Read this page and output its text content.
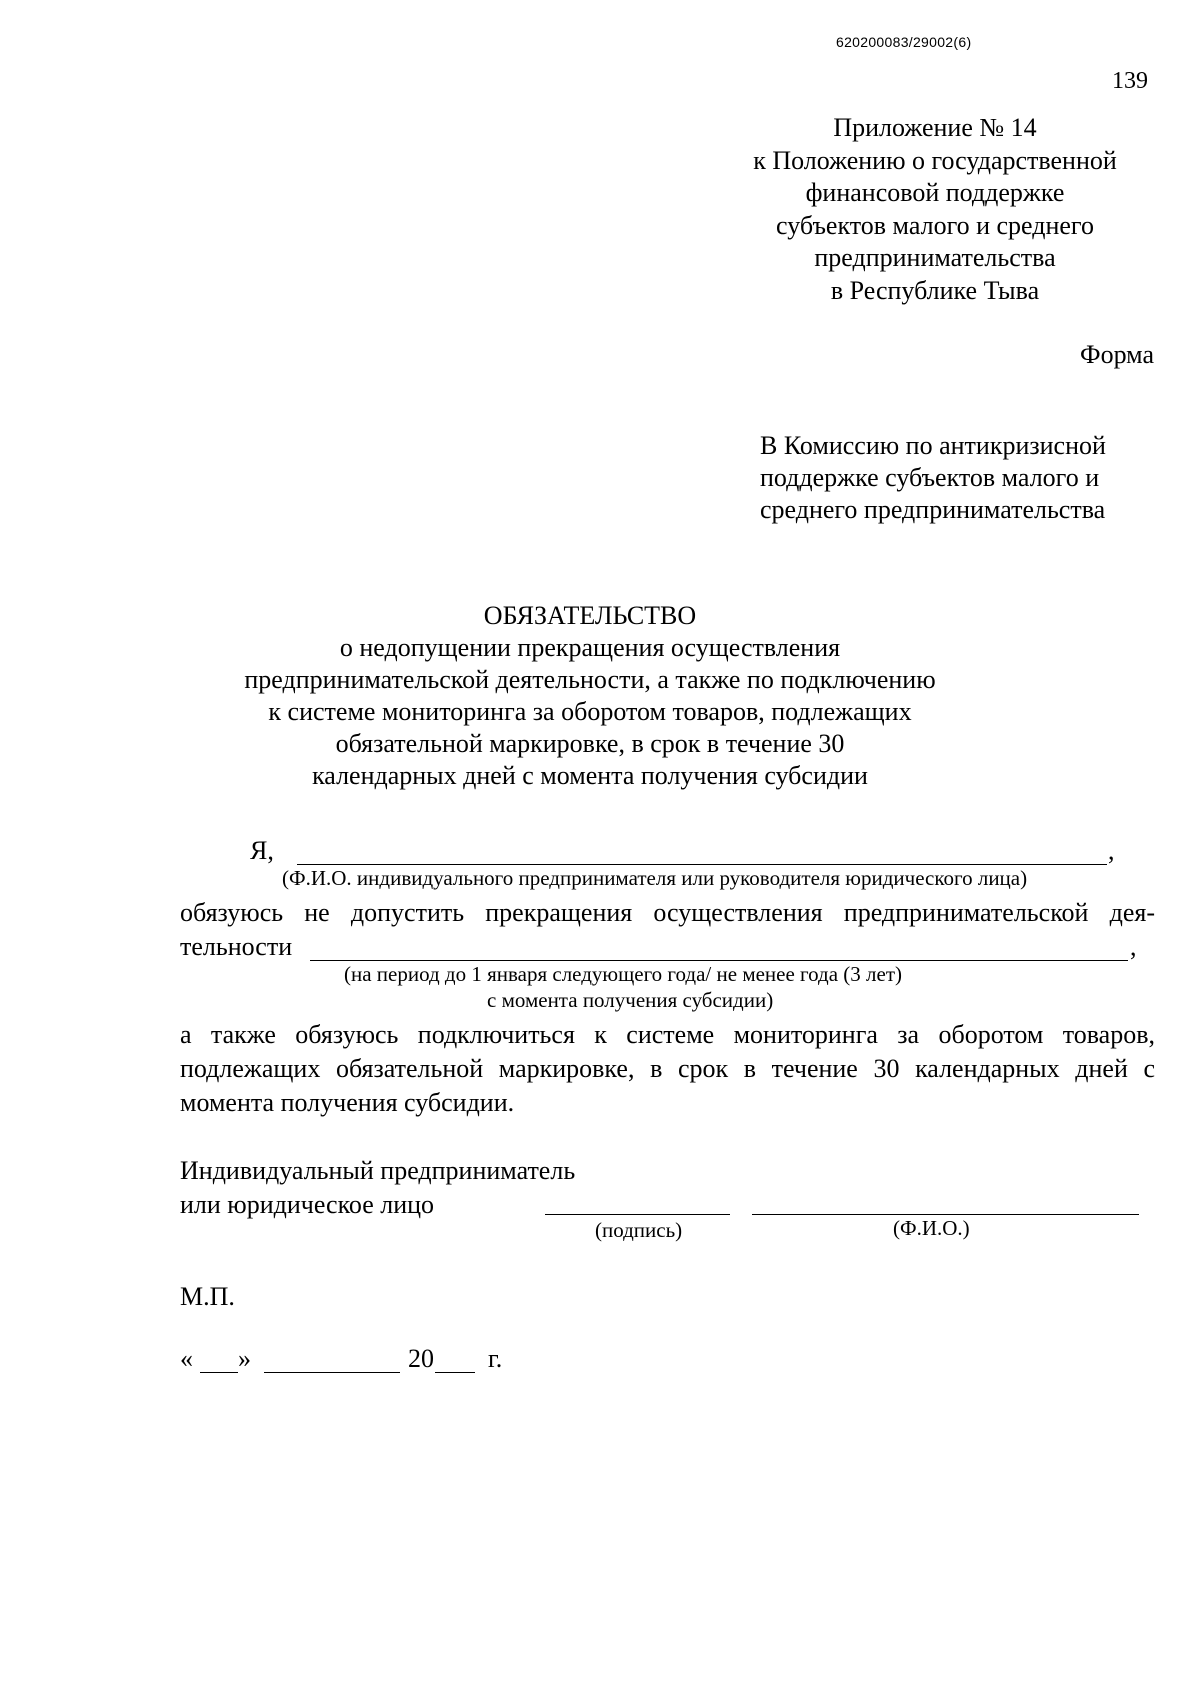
620200083/29002(6)
139
Приложение № 14
к Положению о государственной
финансовой поддержке
субъектов малого и среднего
предпринимательства
в Республике Тыва
Форма
В Комиссию по антикризисной
поддержке субъектов малого и
среднего предпринимательства
ОБЯЗАТЕЛЬСТВО
о недопущении прекращения осуществления
предпринимательской деятельности, а также по подключению
к системе мониторинга за оборотом товаров, подлежащих
обязательной маркировке, в срок в течение 30
календарных дней с момента получения субсидии
Я,	,
(Ф.И.О. индивидуального предпринимателя или руководителя юридического лица)
обязуюсь не допустить прекращения осуществления предпринимательской дея-
тельности	,
(на период до 1 января следующего года/ не менее года (3 лет)
с момента получения субсидии)
а также обязуюсь подключиться к системе мониторинга за оборотом товаров,
подлежащих обязательной маркировке, в срок в течение 30 календарных дней с
момента получения субсидии.
Индивидуальный предприниматель
или юридическое лицо
(подпись)	(Ф.И.О.)
М.П.
« »	20 г.
